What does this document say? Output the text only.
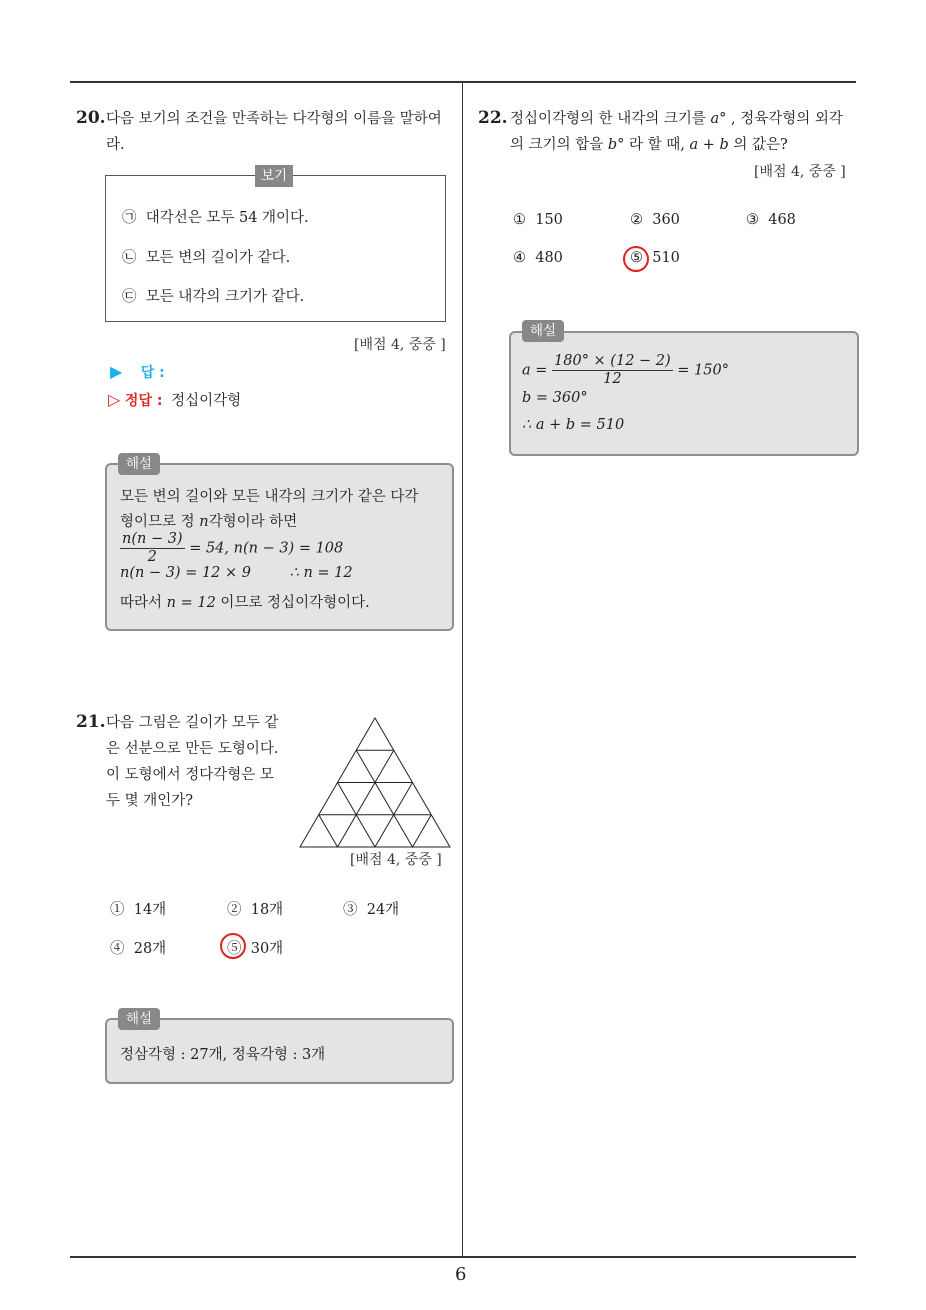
6
20. 다음 보기의 조건을 만족하는 다각형의 이름을 말하여
라.
㉠ 대각선은 모두 54 개이다.
㉡ 모든 변의 길이가 같다.
㉢ 모든 내각의 크기가 같다.
보기
[배점 4, 중중 ]
▶ 답 :
▷ 정답 : 정십이각형
모든 변의 길이와 모든 내각의 크기가 같은 다각
형이므로 정 n각형이라 하면
$\frac{n(n - 3)}{2} = 54$, n(n − 3) = 108
n(n − 3) = 12 × 9	∴ n = 12
따라서 n = 12 이므로 정십이각형이다.
해설
21. 다음 그림은 길이가 모두 같
은 선분으로 만든 도형이다.
이 도형에서 정다각형은 모
두 몇 개인가?
[배점 4, 중중 ]
① 14개	② 18개	③ 24개
④ 28개	⑤ 30개
정삼각형 : 27개, 정육각형 : 3개
해설
22. 정십이각형의 한 내각의 크기를 a° , 정육각형의 외각
의 크기의 합을 b° 라 할 때, a + b 의 값은?
[배점 4, 중중 ]
① 150	② 360	③ 468
④ 480	⑤ 510
$a = \frac{180^\circ \times (12 - 2)}{12} = 150^\circ$
b = 360°
∴ a + b = 510
해설
